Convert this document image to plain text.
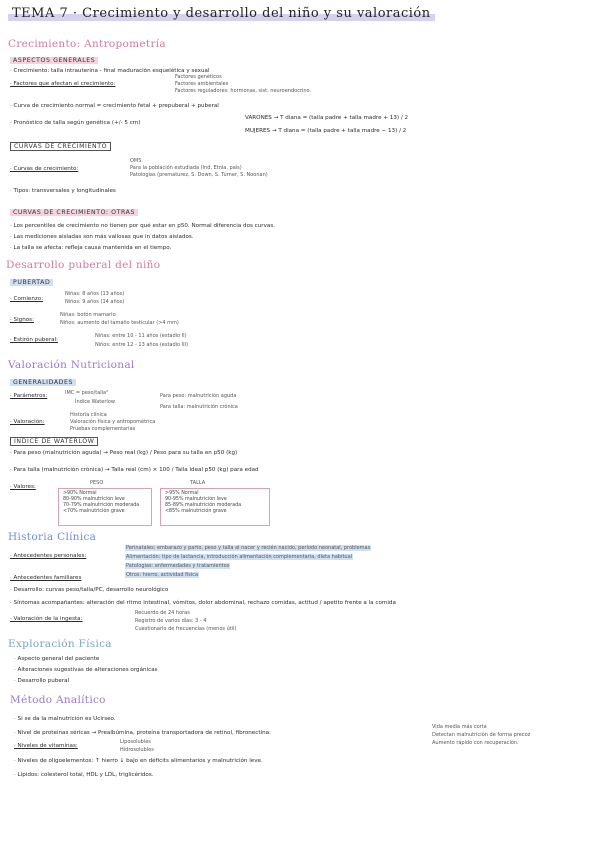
TEMA 7 · Crecimiento y desarrollo del niño y su valoración
Crecimiento: Antropometría
ASPECTOS GENERALES
· Crecimiento: talla intrauterina - final maduración esquelética y sexual
· Factores que afectan el crecimiento:
Factores genéticos
Factores ambientales
Factores reguladores: hormonas, sist. neuroendocrino.
· Curva de crecimiento normal = crecimiento fetal + prepuberal + puberal
· Pronóstico de talla según genética (+/- 5 cm)
VARONES → T diana = (talla padre + talla madre + 13) / 2
MUJERES → T diana = (talla padre + talla madre − 13) / 2
CURVAS DE CRECIMIENTO
· Curvas de crecimiento:
OMS
Para la población estudiada (Ind, Etnia, país)
Patologías (prematurez, S. Down, S. Turner, S. Noonan)
· Tipos: transversales y longitudinales
CURVAS DE CRECIMIENTO: OTRAS
· Los percentiles de crecimiento no tienen por qué estar en p50. Normal diferencia dos curvas.
· Las mediciones aisladas son más valiosas que in datos aislados.
· La talla se afecta: refleja causa mantenida en el tiempo.
Desarrollo puberal del niño
PUBERTAD
· Comienzo:
Niñas: 8 años (13 años)
Niños: 9 años (14 años)
· Signos:
Niñas: botón mamario
Niños: aumento del tamaño testicular (>4 mm)
· Estirón puberal:
Niñas: entre 10 - 11 años (estadio II)
Niños: entre 12 - 13 años (estadio III)
Valoración Nutricional
GENERALIDADES
· Parámetros:	IMC = peso/talla²
Índice Waterlow
Para peso: malnutrición aguda
Para talla: malnutrición crónica
· Valoración:
Historia clínica
Valoración física y antropométrica
Pruebas complementarias
ÍNDICE DE WATERLOW
· Para peso (malnutrición aguda) → Peso real (kg) / Peso para su talla en p50 (kg)
· Para talla (malnutrición crónica) → Talla real (cm) × 100 / Talla ideal p50 (kg) para edad
· Valores:
PESO	TALLA
>90% Normal
80-90% malnutrición leve
70-79% malnutrición moderada
<70% malnutrición grave
>95% Normal
90-95% malnutrición leve
85-89% malnutrición moderada
<85% malnutrición grave
Historia Clínica
· Antecedentes personales:
Perinatales: embarazo y parto, peso y talla al nacer y recién nacido, período neonatal, problemas
Alimentación: tipo de lactancia, introducción alimentación complementaria, dieta habitual
Patologías: enfermedades y tratamientos
Otros: hierro, actividad física
· Antecedentes familiares
· Desarrollo: curvas peso/talla/PC, desarrollo neurológico
· Síntomas acompañantes: alteración del ritmo intestinal, vómitos, dolor abdominal, rechazo comidas, actitud / apetito frente a la comida
· Valoración de la ingesta:
Recuerdo de 24 horas
Registro de varios días: 3 - 4
Cuestionario de frecuencias (menos útil)
Exploración Física
· Aspecto general del paciente
· Alteraciones sugestivas de alteraciones orgánicas
· Desarrollo puberal
Método Analítico
· Si se da la malnutrición es Ucirseo.
· Nivel de proteínas séricas → Prealbúmina, proteína transportadora de retinol, fibronectina:
Vida media más corta
Detectan malnutrición de forma precoz
Aumento rápido con recuperación.
· Niveles de vitaminas:
Liposolubles
Hidrosolubles
· Niveles de oligoelementos: ↑ hierro ↓ bajo en déficits alimentarios y malnutrición leve.
· Lípidos: colesterol total, HDL y LDL, triglicéridos.
